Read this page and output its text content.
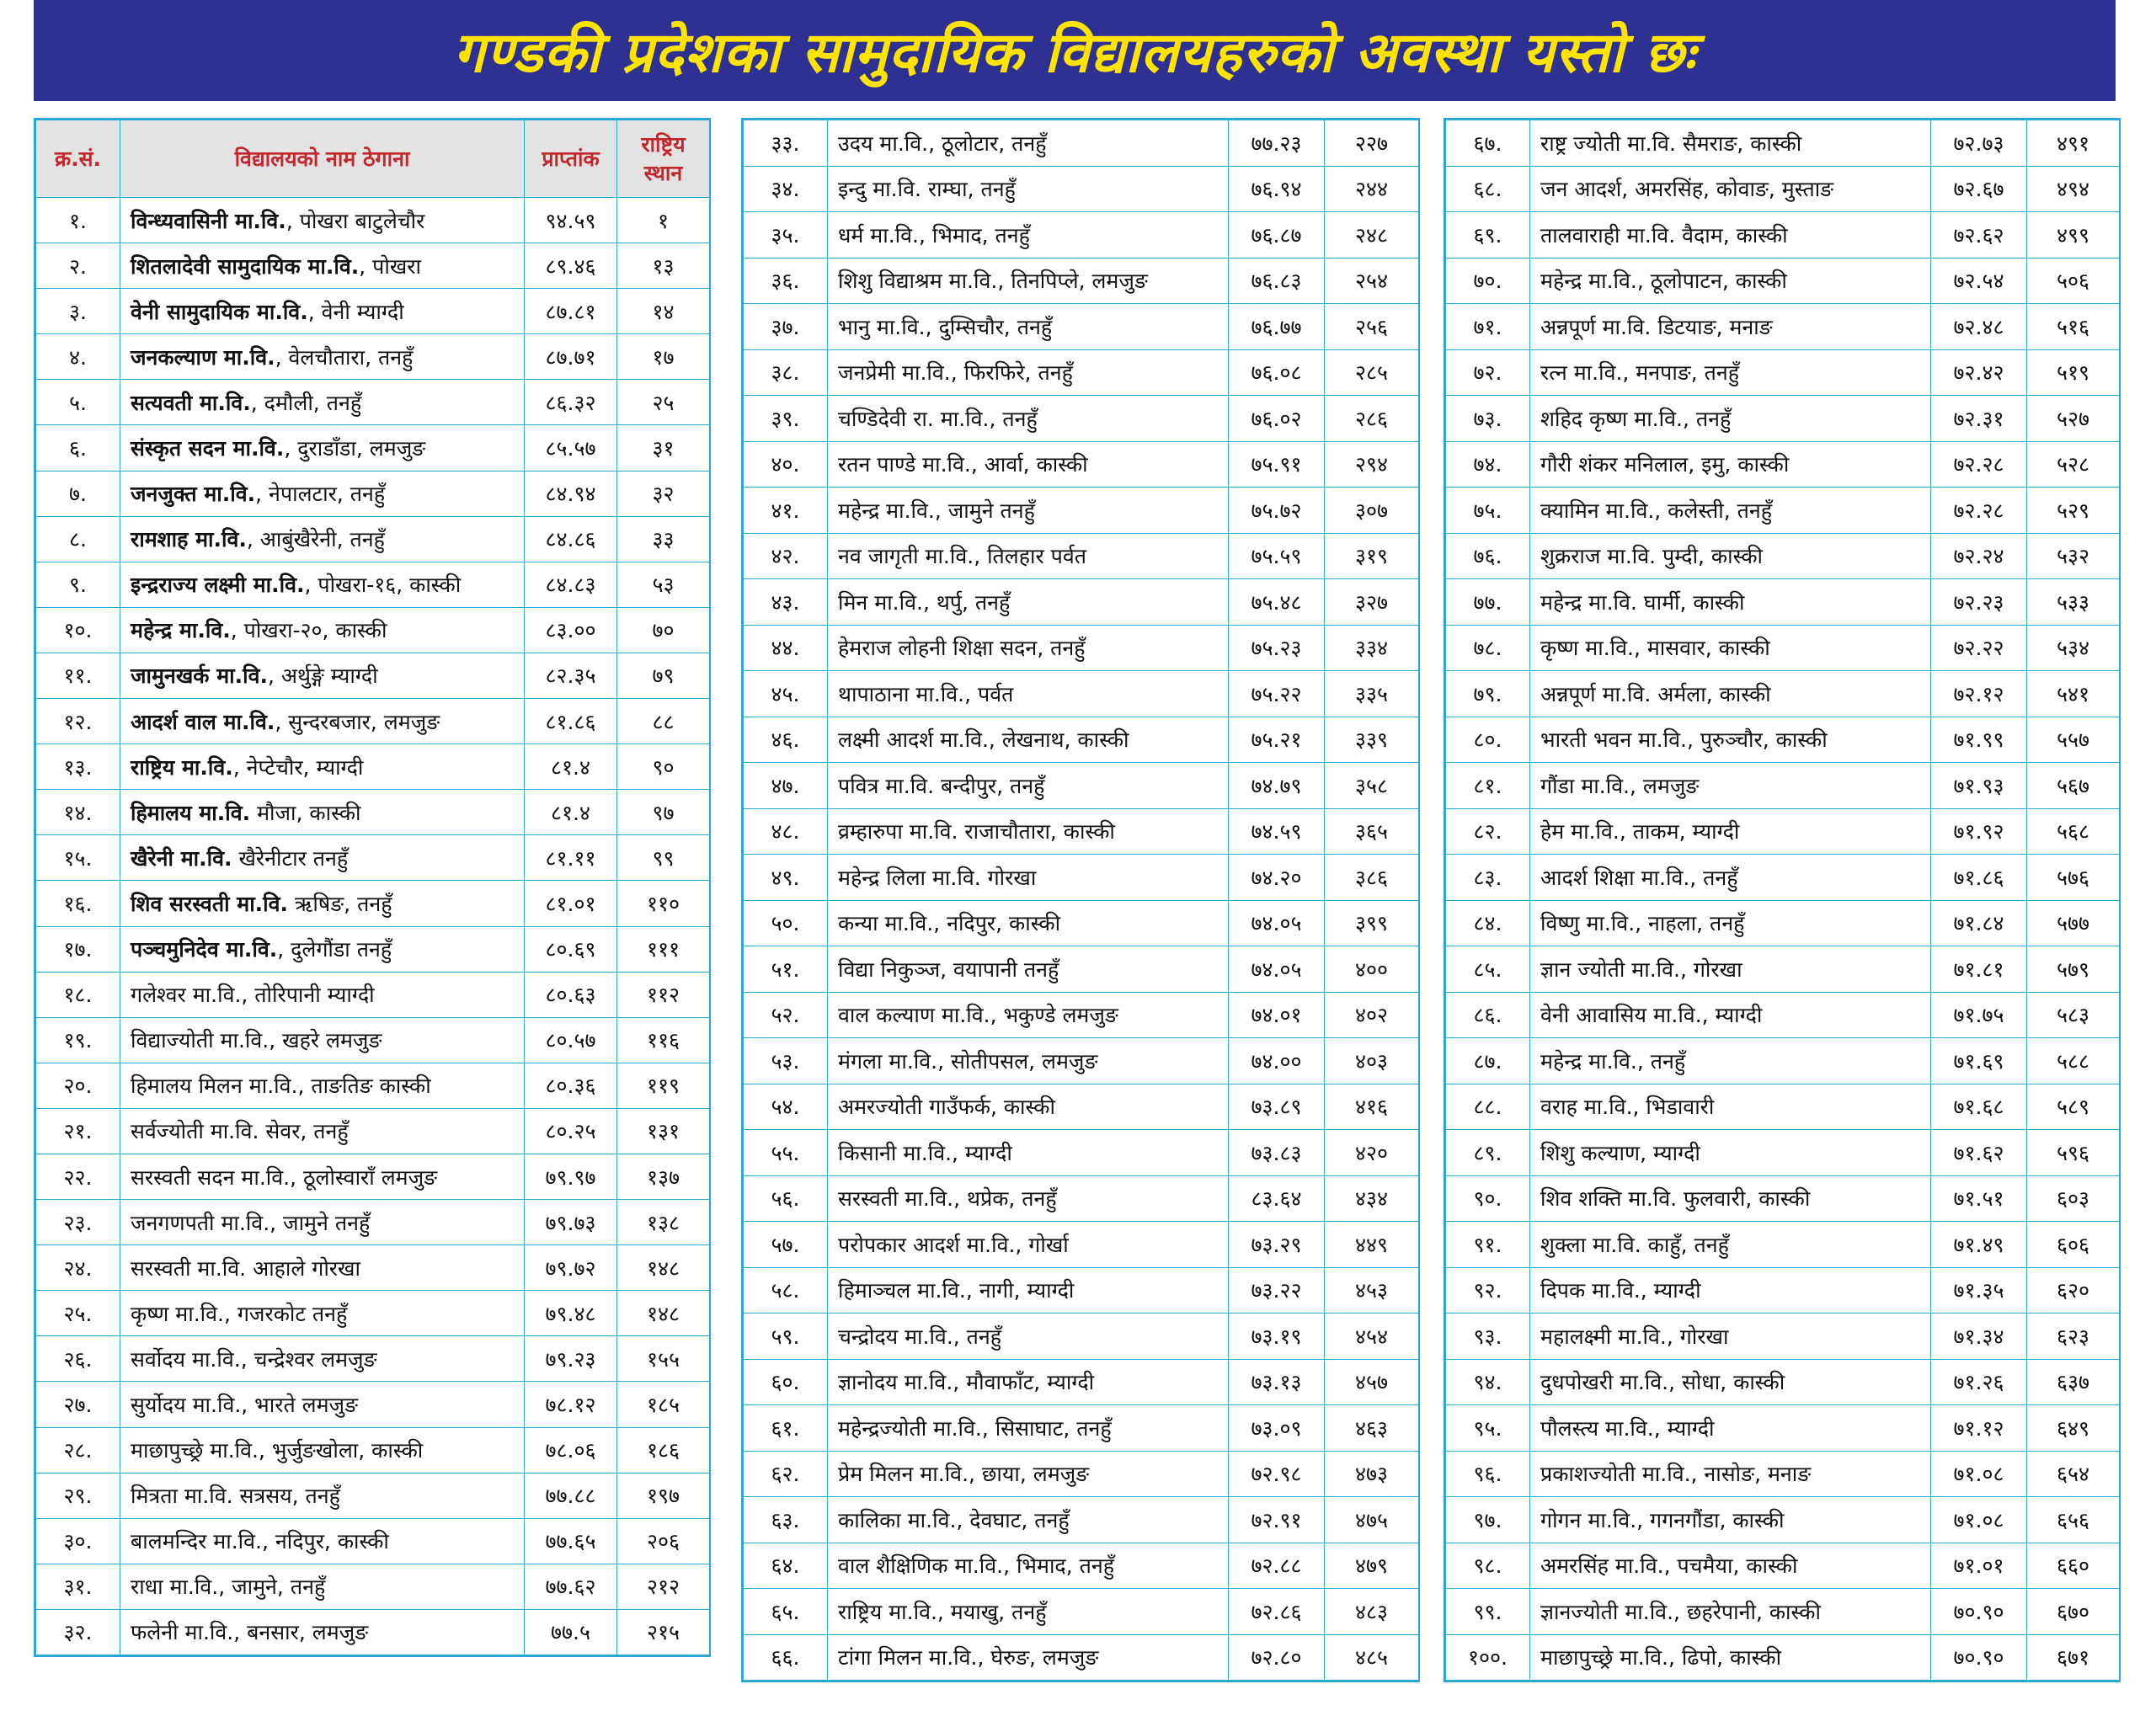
गण्डकी प्रदेशका सामुदायिक विद्यालयहरुको अवस्था यस्तो छः
क्र.सं.	विद्यालयको नाम ठेगाना	प्राप्तांक	राष्ट्रिय
स्थान
१.	विन्ध्यवासिनी मा.वि., पोखरा बाटुलेचौर	९४.५९	१
२.	शितलादेवी सामुदायिक मा.वि., पोखरा	८९.४६	१३
३.	वेनी सामुदायिक मा.वि., वेनी म्याग्दी	८७.८१	१४
४.	जनकल्याण मा.वि., वेलचौतारा, तनहुँ	८७.७१	१७
५.	सत्यवती मा.वि., दमौली, तनहुँ	८६.३२	२५
६.	संस्कृत सदन मा.वि., दुराडाँडा, लमजुङ	८५.५७	३१
७.	जनजुक्त मा.वि., नेपालटार, तनहुँ	८४.९४	३२
८.	रामशाह मा.वि., आबुंखैरेनी, तनहुँ	८४.८६	३३
९.	इन्द्रराज्य लक्ष्मी मा.वि., पोखरा-१६, कास्की	८४.८३	५३
१०.	महेन्द्र मा.वि., पोखरा-२०, कास्की	८३.००	७०
११.	जामुनखर्क मा.वि., अर्थुङ्गे म्याग्दी	८२.३५	७९
१२.	आदर्श वाल मा.वि., सुन्दरबजार, लमजुङ	८१.८६	८८
१३.	राष्ट्रिय मा.वि., नेप्टेचौर, म्याग्दी	८१.४	९०
१४.	हिमालय मा.वि. मौजा, कास्की	८१.४	९७
१५.	खैरेनी मा.वि. खैरेनीटार तनहुँ	८१.११	९९
१६.	शिव सरस्वती मा.वि. ऋषिङ, तनहुँ	८१.०१	११०
१७.	पञ्चमुनिदेव मा.वि., दुलेगौंडा तनहुँ	८०.६९	१११
१८.	गलेश्वर मा.वि., तोरिपानी म्याग्दी	८०.६३	११२
१९.	विद्याज्योती मा.वि., खहरे लमजुङ	८०.५७	११६
२०.	हिमालय मिलन मा.वि., ताङतिङ कास्की	८०.३६	११९
२१.	सर्वज्योती मा.वि. सेवर, तनहुँ	८०.२५	१३१
२२.	सरस्वती सदन मा.वि., ठूलोस्वाराँ लमजुङ	७९.९७	१३७
२३.	जनगणपती मा.वि., जामुने तनहुँ	७९.७३	१३८
२४.	सरस्वती मा.वि. आहाले गोरखा	७९.७२	१४८
२५.	कृष्ण मा.वि., गजरकोट तनहुँ	७९.४८	१४८
२६.	सर्वोदय मा.वि., चन्द्रेश्वर लमजुङ	७९.२३	१५५
२७.	सुर्योदय मा.वि., भारते लमजुङ	७८.१२	१८५
२८.	माछापुच्छ्रे मा.वि., भुर्जुङखोला, कास्की	७८.०६	१८६
२९.	मित्रता मा.वि. सत्रसय, तनहुँ	७७.८८	१९७
३०.	बालमन्दिर मा.वि., नदिपुर, कास्की	७७.६५	२०६
३१.	राधा मा.वि., जामुने, तनहुँ	७७.६२	२१२
३२.	फलेनी मा.वि., बनसार, लमजुङ	७७.५	२१५
३३.	उदय मा.वि., ठूलोटार, तनहुँ	७७.२३	२२७
३४.	इन्दु मा.वि. राम्घा, तनहुँ	७६.९४	२४४
३५.	धर्म मा.वि., भिमाद, तनहुँ	७६.८७	२४८
३६.	शिशु विद्याश्रम मा.वि., तिनपिप्ले, लमजुङ	७६.८३	२५४
३७.	भानु मा.वि., दुम्सिचौर, तनहुँ	७६.७७	२५६
३८.	जनप्रेमी मा.वि., फिरफिरे, तनहुँ	७६.०८	२८५
३९.	चण्डिदेवी रा. मा.वि., तनहुँ	७६.०२	२८६
४०.	रतन पाण्डे मा.वि., आर्वा, कास्की	७५.९१	२९४
४१.	महेन्द्र मा.वि., जामुने तनहुँ	७५.७२	३०७
४२.	नव जागृती मा.वि., तिलहार पर्वत	७५.५९	३१९
४३.	मिन मा.वि., थर्पु, तनहुँ	७५.४८	३२७
४४.	हेमराज लोहनी शिक्षा सदन, तनहुँ	७५.२३	३३४
४५.	थापाठाना मा.वि., पर्वत	७५.२२	३३५
४६.	लक्ष्मी आदर्श मा.वि., लेखनाथ, कास्की	७५.२१	३३९
४७.	पवित्र मा.वि. बन्दीपुर, तनहुँ	७४.७९	३५८
४८.	व्रम्हारुपा मा.वि. राजाचौतारा, कास्की	७४.५९	३६५
४९.	महेन्द्र लिला मा.वि. गोरखा	७४.२०	३८६
५०.	कन्या मा.वि., नदिपुर, कास्की	७४.०५	३९९
५१.	विद्या निकुञ्ज, वयापानी तनहुँ	७४.०५	४००
५२.	वाल कल्याण मा.वि., भकुण्डे लमजुङ	७४.०१	४०२
५३.	मंगला मा.वि., सोतीपसल, लमजुङ	७४.००	४०३
५४.	अमरज्योती गाउँफर्क, कास्की	७३.८९	४१६
५५.	किसानी मा.वि., म्याग्दी	७३.८३	४२०
५६.	सरस्वती मा.वि., थप्रेक, तनहुँ	८३.६४	४३४
५७.	परोपकार आदर्श मा.वि., गोर्खा	७३.२९	४४९
५८.	हिमाञ्चल मा.वि., नागी, म्याग्दी	७३.२२	४५३
५९.	चन्द्रोदय मा.वि., तनहुँ	७३.१९	४५४
६०.	ज्ञानोदय मा.वि., मौवाफाँट, म्याग्दी	७३.१३	४५७
६१.	महेन्द्रज्योती मा.वि., सिसाघाट, तनहुँ	७३.०९	४६३
६२.	प्रेम मिलन मा.वि., छाया, लमजुङ	७२.९८	४७३
६३.	कालिका मा.वि., देवघाट, तनहुँ	७२.९१	४७५
६४.	वाल शैक्षिणिक मा.वि., भिमाद, तनहुँ	७२.८८	४७९
६५.	राष्ट्रिय मा.वि., मयाखु, तनहुँ	७२.८६	४८३
६६.	टांगा मिलन मा.वि., घेरुङ, लमजुङ	७२.८०	४८५
६७.	राष्ट्र ज्योती मा.वि. सैमराङ, कास्की	७२.७३	४९१
६८.	जन आदर्श, अमरसिंह, कोवाङ, मुस्ताङ	७२.६७	४९४
६९.	तालवाराही मा.वि. वैदाम, कास्की	७२.६२	४९९
७०.	महेन्द्र मा.वि., ठूलोपाटन, कास्की	७२.५४	५०६
७१.	अन्नपूर्ण मा.वि. डिटयाङ, मनाङ	७२.४८	५१६
७२.	रत्न मा.वि., मनपाङ, तनहुँ	७२.४२	५१९
७३.	शहिद कृष्ण मा.वि., तनहुँ	७२.३१	५२७
७४.	गौरी शंकर मनिलाल, इमु, कास्की	७२.२८	५२८
७५.	क्यामिन मा.वि., कलेस्ती, तनहुँ	७२.२८	५२९
७६.	शुक्रराज मा.वि. पुम्दी, कास्की	७२.२४	५३२
७७.	महेन्द्र मा.वि. घार्मी, कास्की	७२.२३	५३३
७८.	कृष्ण मा.वि., मासवार, कास्की	७२.२२	५३४
७९.	अन्नपूर्ण मा.वि. अर्मला, कास्की	७२.१२	५४१
८०.	भारती भवन मा.वि., पुरुञ्चौर, कास्की	७१.९९	५५७
८१.	गौंडा मा.वि., लमजुङ	७१.९३	५६७
८२.	हेम मा.वि., ताकम, म्याग्दी	७१.९२	५६८
८३.	आदर्श शिक्षा मा.वि., तनहुँ	७१.८६	५७६
८४.	विष्णु मा.वि., नाहला, तनहुँ	७१.८४	५७७
८५.	ज्ञान ज्योती मा.वि., गोरखा	७१.८१	५७९
८६.	वेनी आवासिय मा.वि., म्याग्दी	७१.७५	५८३
८७.	महेन्द्र मा.वि., तनहुँ	७१.६९	५८८
८८.	वराह मा.वि., भिडावारी	७१.६८	५८९
८९.	शिशु कल्याण, म्याग्दी	७१.६२	५९६
९०.	शिव शक्ति मा.वि. फुलवारी, कास्की	७१.५१	६०३
९१.	शुक्ला मा.वि. काहुँ, तनहुँ	७१.४९	६०६
९२.	दिपक मा.वि., म्याग्दी	७१.३५	६२०
९३.	महालक्ष्मी मा.वि., गोरखा	७१.३४	६२३
९४.	दुधपोखरी मा.वि., सोधा, कास्की	७१.२६	६३७
९५.	पौलस्त्य मा.वि., म्याग्दी	७१.१२	६४९
९६.	प्रकाशज्योती मा.वि., नासोङ, मनाङ	७१.०८	६५४
९७.	गोगन मा.वि., गगनगौंडा, कास्की	७१.०८	६५६
९८.	अमरसिंह मा.वि., पचमैया, कास्की	७१.०१	६६०
९९.	ज्ञानज्योती मा.वि., छहरेपानी, कास्की	७०.९०	६७०
१००.	माछापुच्छ्रे मा.वि., ढिपो, कास्की	७०.९०	६७१
